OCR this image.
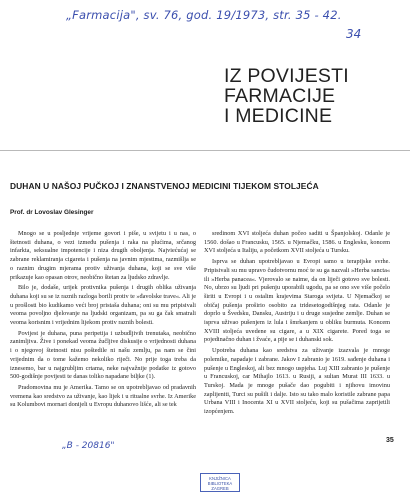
„Farmacija", sv. 76, god. 19/1973, str. 35 - 42.
34
IZ POVIJESTI
FARMACIJE
I MEDICINE
DUHAN U NAŠOJ PUČKOJ I ZNANSTVENOJ MEDICINI TIJEKOM STOLJEĆA
Prof. dr Lovoslav Glesinger

Mnogo se u posljednje vrijeme govori i piše, u svijetu i u nas, o štetnosti duhana, o vezi između pušenja i raka na plućima, srčanog infarkta, seksualne impotencije i niza drugih oboljenja. Najviećućaj se zabrane reklamiranja cigareta i pušenja na javnim mjestima, razmišlja se o raznim drugim mjerama protiv uživanja duhana, koji se sve više prikazuje kao opasan otrov, neobično štetan za ljudsko zdravlje.

Bilo je, dodaše, urijek protivnika pušenja i drugih oblika uživanja duhana koji su se iz raznih razloga borili protiv te »đavolske trave«. Ali je u prošlosti bio kudikamo veći broj pristaša duhana; oni su mu pripisivali veoma povoljno djelovanje na ljudski organizam, pa su ga čak smatrali veoma korisnim i vrijednim lijekom protiv raznih bolesti.

Povijest je duhana, puna peripetija i uzbudljivih trenutaka, neobično zanimljiva. Žive i ponekad veoma žučljive diskusije o vrijednosti duhana i o njegovoj štetnosti nisu poštedile ni našu zemlju, pa nam se čini vrijednim da o tome kažemo nekoliko riječi. No prije toga treba da iznesemo, bar u najgrubljim crtama, neke najvažnije podatke iz gotovo 500-godišnje povijesti te danas toliko napadane biljke (1).

Pradomovina mu je Amerika. Tamo se on upotrebljavao od pradavnih vremena kao sredstvo za uživanje, kao lijek i u ritualne svrhe. Iz Amerike su Kolumbovi mornari donijeli u Evropu duhanovo lišće, ali se tek

sredinom XVI stoljeća duhan počeo saditi u Španjolskoj. Odanle je 1560. došao u Francusku, 1565. u Njemačku, 1586. u Englesku, koncem XVI stoljeća u Italiju, a početkom XVII stoljeća u Tursku.

Isprva se duhan upotrebljavao u Evropi samo u terapijske svrhe. Pripisivali su mu upravo čudotvornu moć te su ga nazvali »Herba sancta« ili »Herba panacea«. Vjerovalo se naime, da on liječi gotovo sve bolesti. No, ubrzo su ljudi pri pušenju uporabili ugodu, pa se ono sve više počelo širiti u Evropi i u ostalim krajevima Starogа svijeta. U Njemačkoj se običaj pušenja proširio osobito za tridesetogodišnjeg rata. Odanle je doprlo u Švedsku, Dansku, Austriju i u druge susjedne zemlje. Duhan se isprva uživao pušenjem iz lula i šmrkanjem u obliku burmuta. Koncem XVIII stoljeća uvedene su cigare, a u XIX cigarete. Pored toga se pojedinačno duhan i žvaće, a pije se i duhanski sok.

Upotreba duhana kao sredstva za uživanje izazvala je mnoge polemike, napadaje i zabrane. Jakov I zabranio je 1619. sađenje duhana i pušenje u Engleskoj, ali bez mnogo uspjeha. Luj XIII zabranio je pušenje u Francuskoj, car Mihajlo 1613. u Rusiji, a sultan Murat III 1633. u Turskoj. Mada je mnoge pušače dao pogubiti i njihovu imovinu zaplijeniti, Turci su pušili i dalje. Isto su tako malo koristile zabrane papa Urbana VIII i Inocenta XI u XVII stoljeću, koji su pušačima zaprijetili izopćenjem.

35
„B - 20816"
KNJIŽNICA
BIBLIOTEKA
ZAGREB
